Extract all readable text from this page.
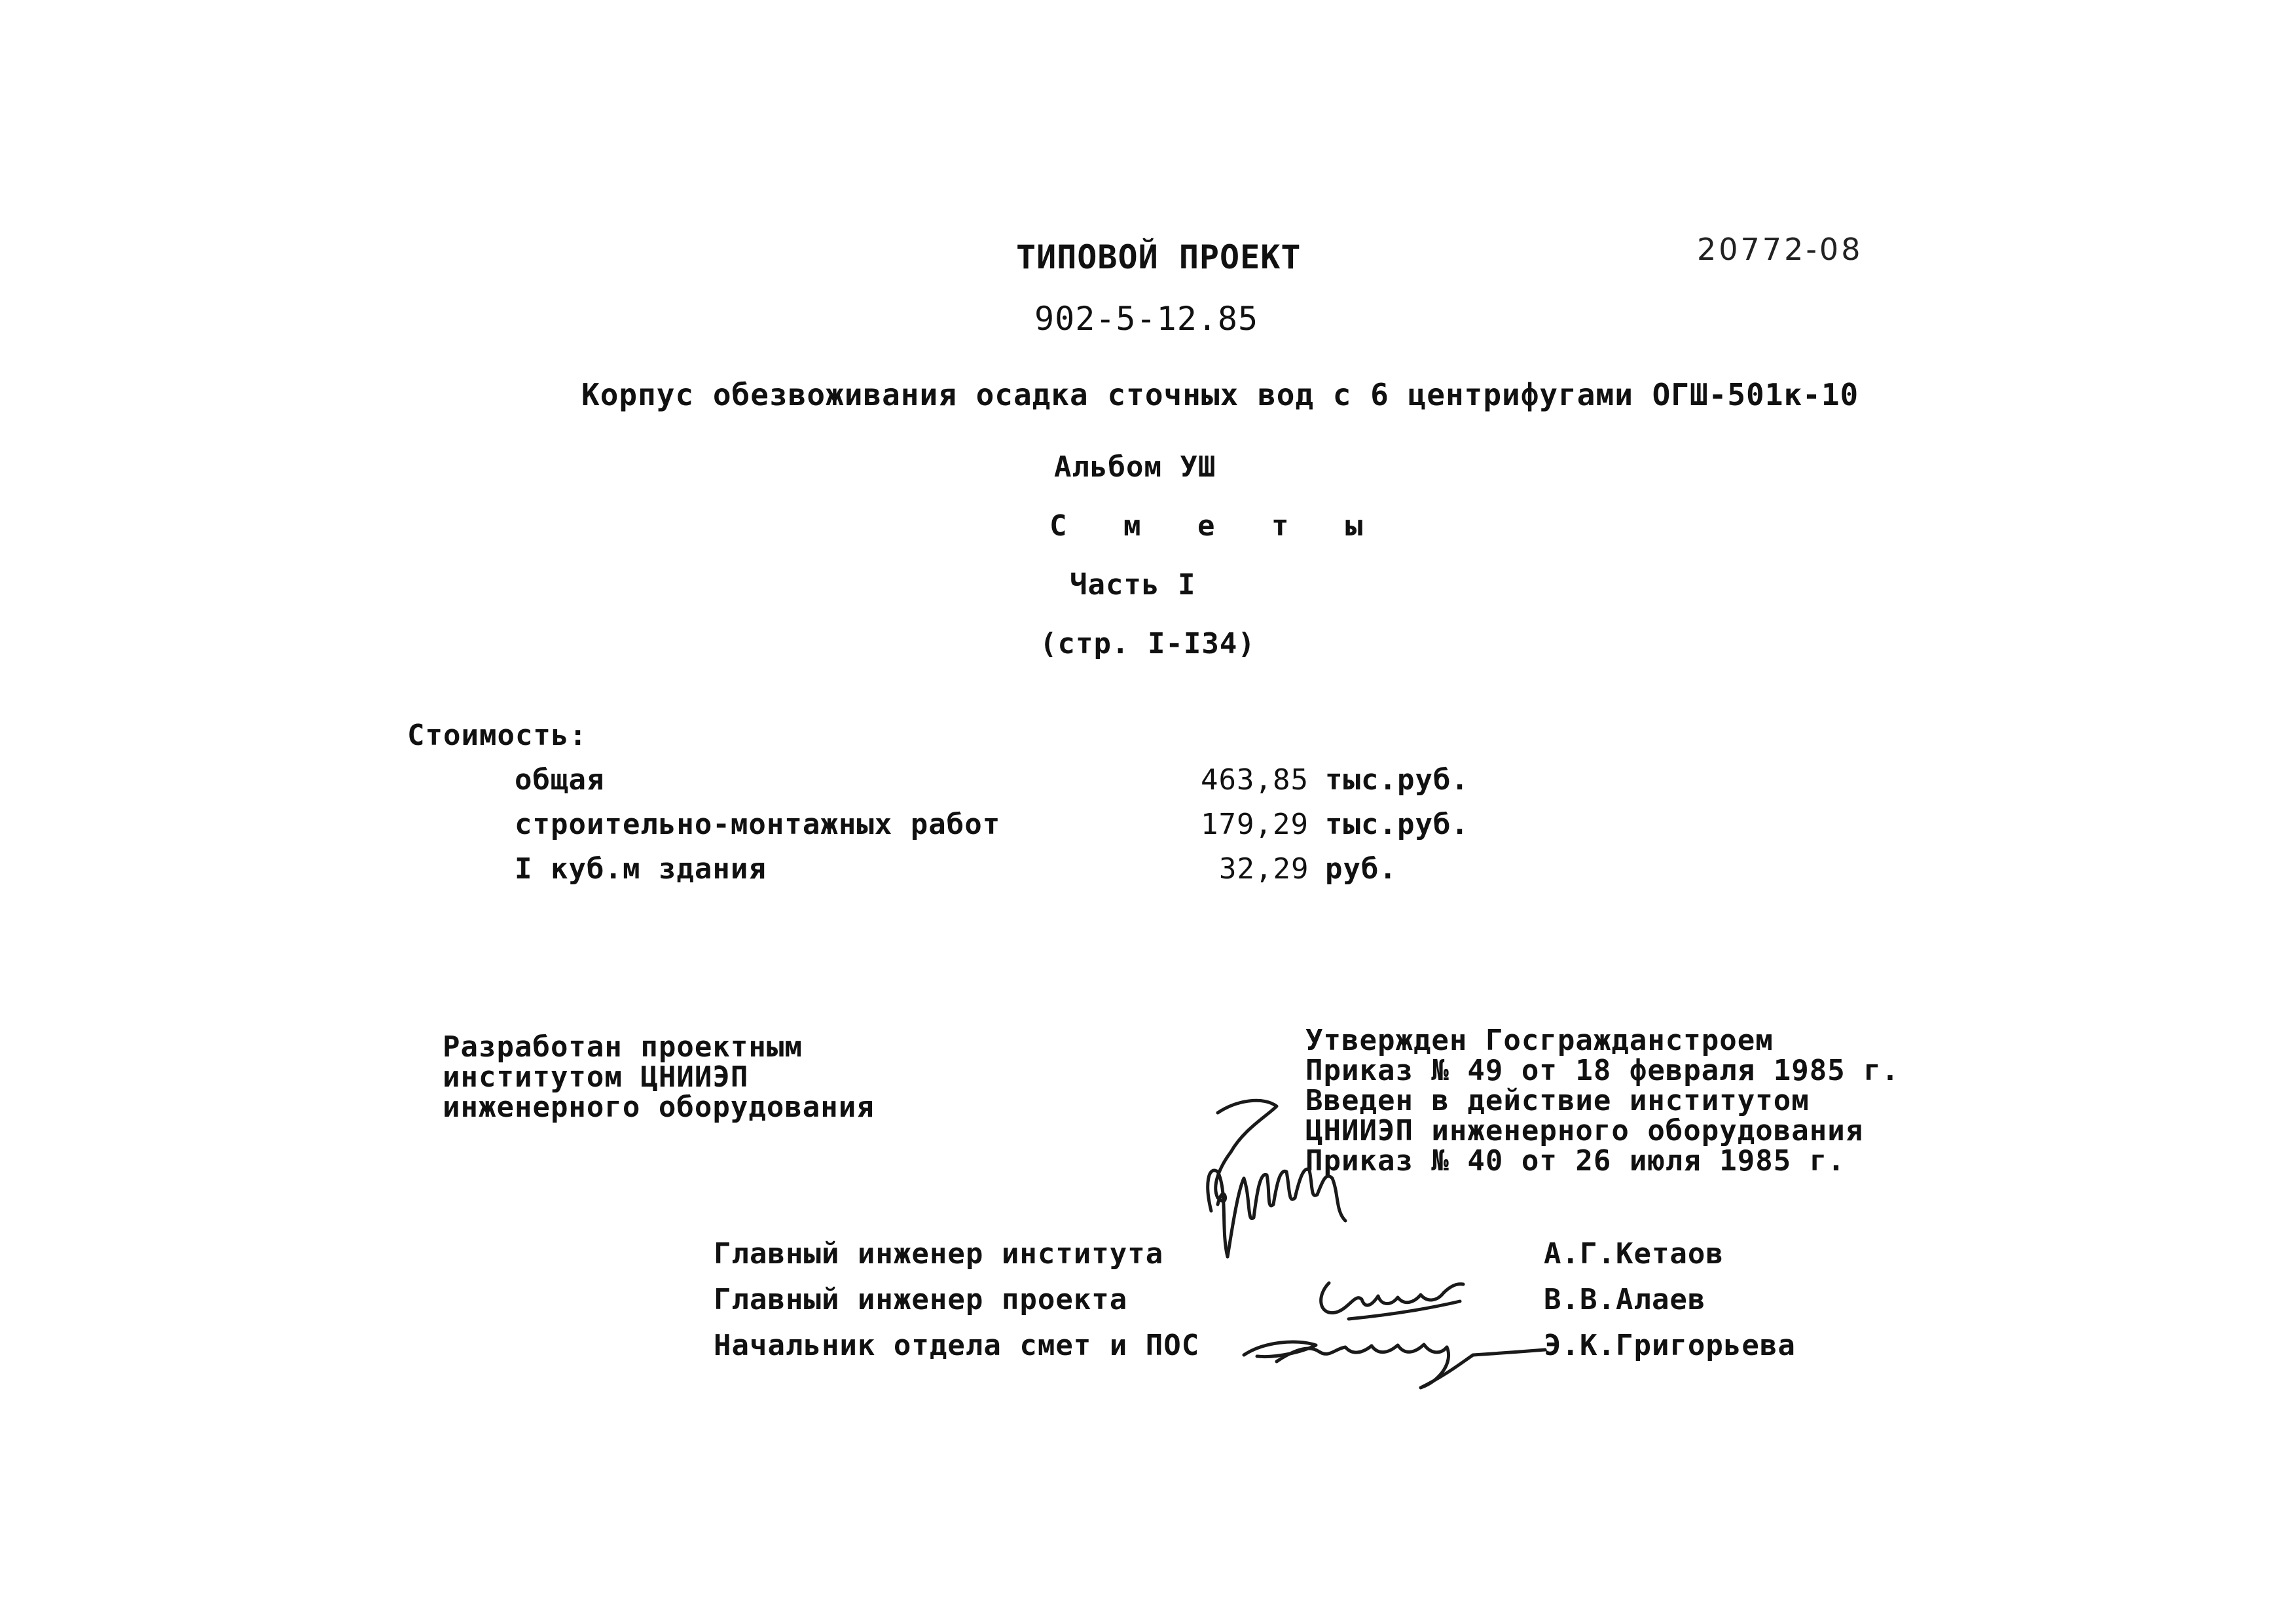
ТИПОВОЙ ПРОЕКТ	20772-08
902-5-12.85
Корпус обезвоживания осадка сточных вод с 6 центрифугами ОГШ-501к-10
Альбом УШ
С м е т ы
Часть I
(стр. I-I34)
Стоимость:
общая	463,85 тыс.руб.
строительно-монтажных работ	179,29 тыс.руб.
I куб.м здания	32,29 руб.
Разработан проектным
институтом ЦНИИЭП
инженерного оборудования
Утвержден Госгражданстроем
Приказ № 49 от 18 февраля 1985 г.
Введен в действие институтом
ЦНИИЭП инженерного оборудования
Приказ № 40 от 26 июля 1985 г.
Главный инженер института	А.Г.Кетаов
Главный инженер проекта	В.В.Алаев
Начальник отдела смет и ПОС	Э.К.Григорьева
